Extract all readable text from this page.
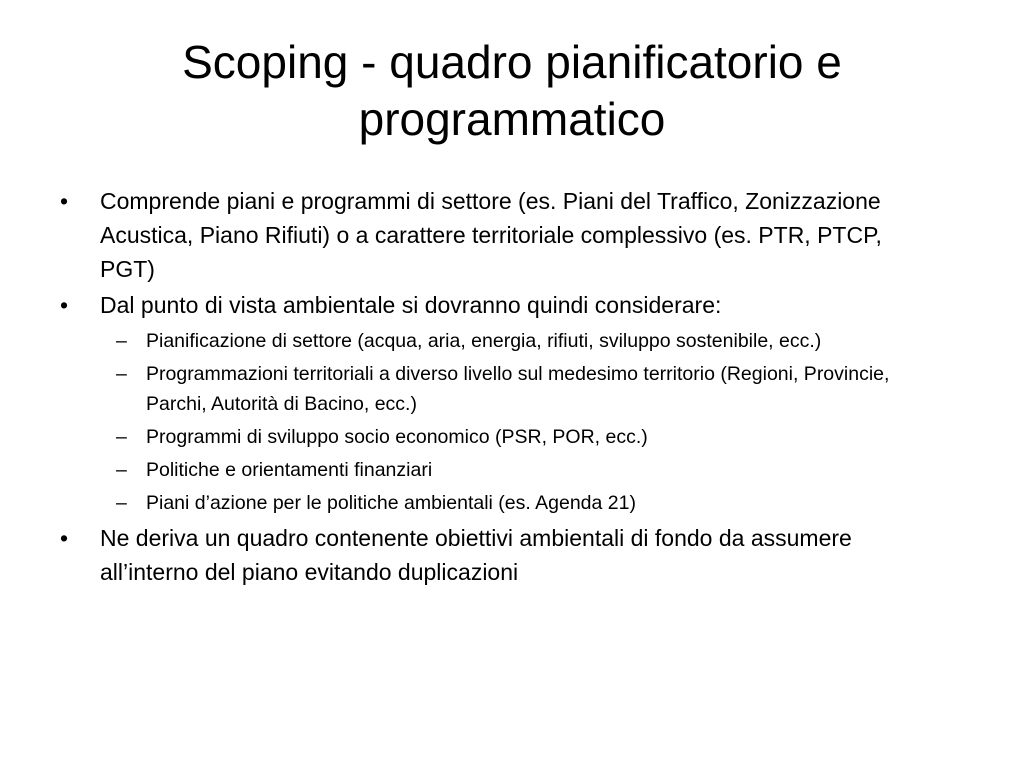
Scoping - quadro pianificatorio e programmatico
• Comprende piani e programmi di settore (es. Piani del Traffico, Zonizzazione Acustica, Piano Rifiuti) o a carattere territoriale complessivo (es. PTR, PTCP, PGT)
• Dal punto di vista ambientale si dovranno quindi considerare:
– Pianificazione di settore (acqua, aria, energia, rifiuti, sviluppo sostenibile, ecc.)
– Programmazioni territoriali a diverso livello sul medesimo territorio (Regioni, Provincie, Parchi, Autorità di Bacino, ecc.)
– Programmi di sviluppo socio economico (PSR, POR, ecc.)
– Politiche e orientamenti finanziari
– Piani d’azione per le politiche ambientali (es. Agenda 21)
• Ne deriva un quadro contenente obiettivi ambientali di fondo da assumere all’interno del piano evitando duplicazioni
